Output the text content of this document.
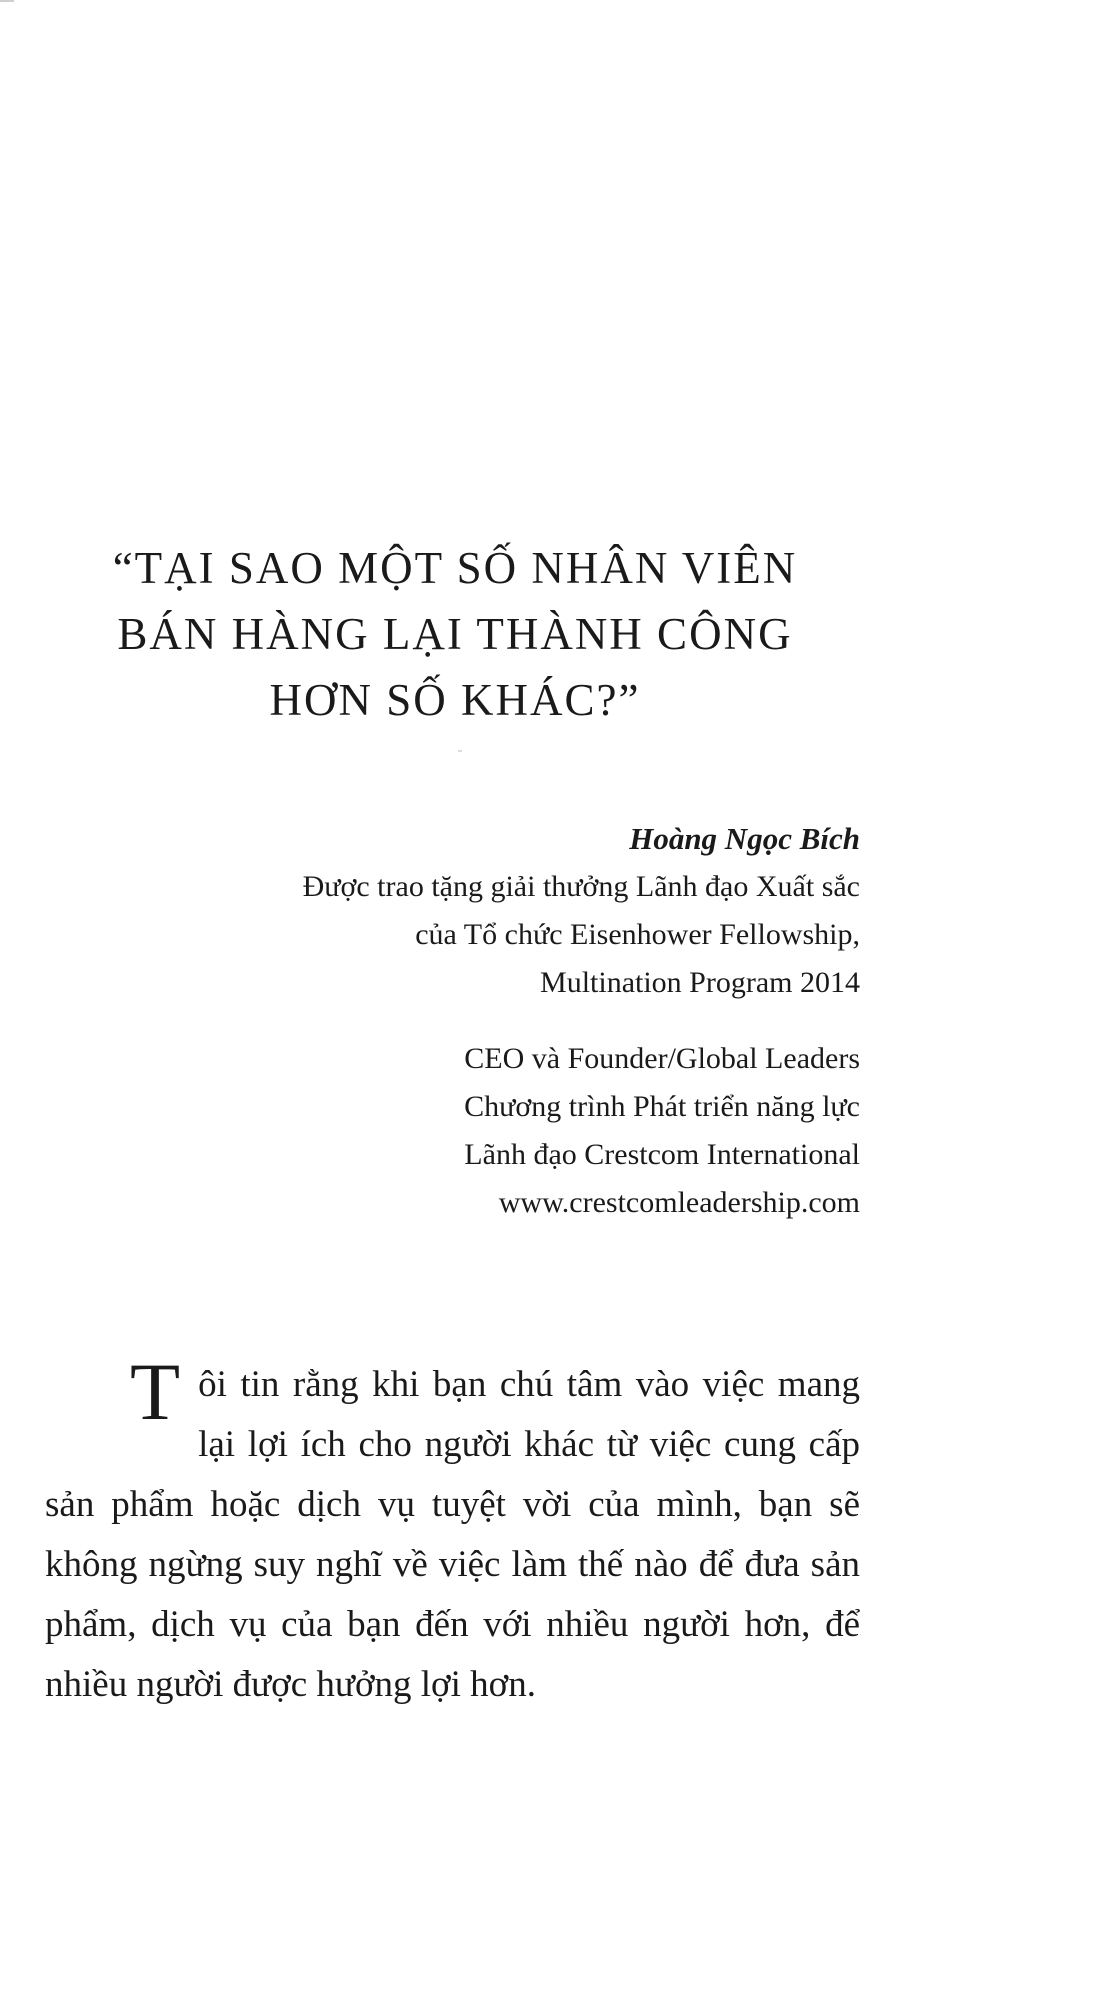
“TẠI SAO MỘT SỐ NHÂN VIÊN
BÁN HÀNG LẠI THÀNH CÔNG
HƠN SỐ KHÁC?”
Hoàng Ngọc Bích
Được trao tặng giải thưởng Lãnh đạo Xuất sắc
của Tổ chức Eisenhower Fellowship,
Multination Program 2014
CEO và Founder/Global Leaders
Chương trình Phát triển năng lực
Lãnh đạo Crestcom International
www.crestcomleadership.com

Tôi tin rằng khi bạn chú tâm vào việc mang lại lợi ích cho người khác từ việc cung cấp sản phẩm hoặc dịch vụ tuyệt vời của mình, bạn sẽ không ngừng suy nghĩ về việc làm thế nào để đưa sản phẩm, dịch vụ của bạn đến với nhiều người hơn, để nhiều người được hưởng lợi hơn.
